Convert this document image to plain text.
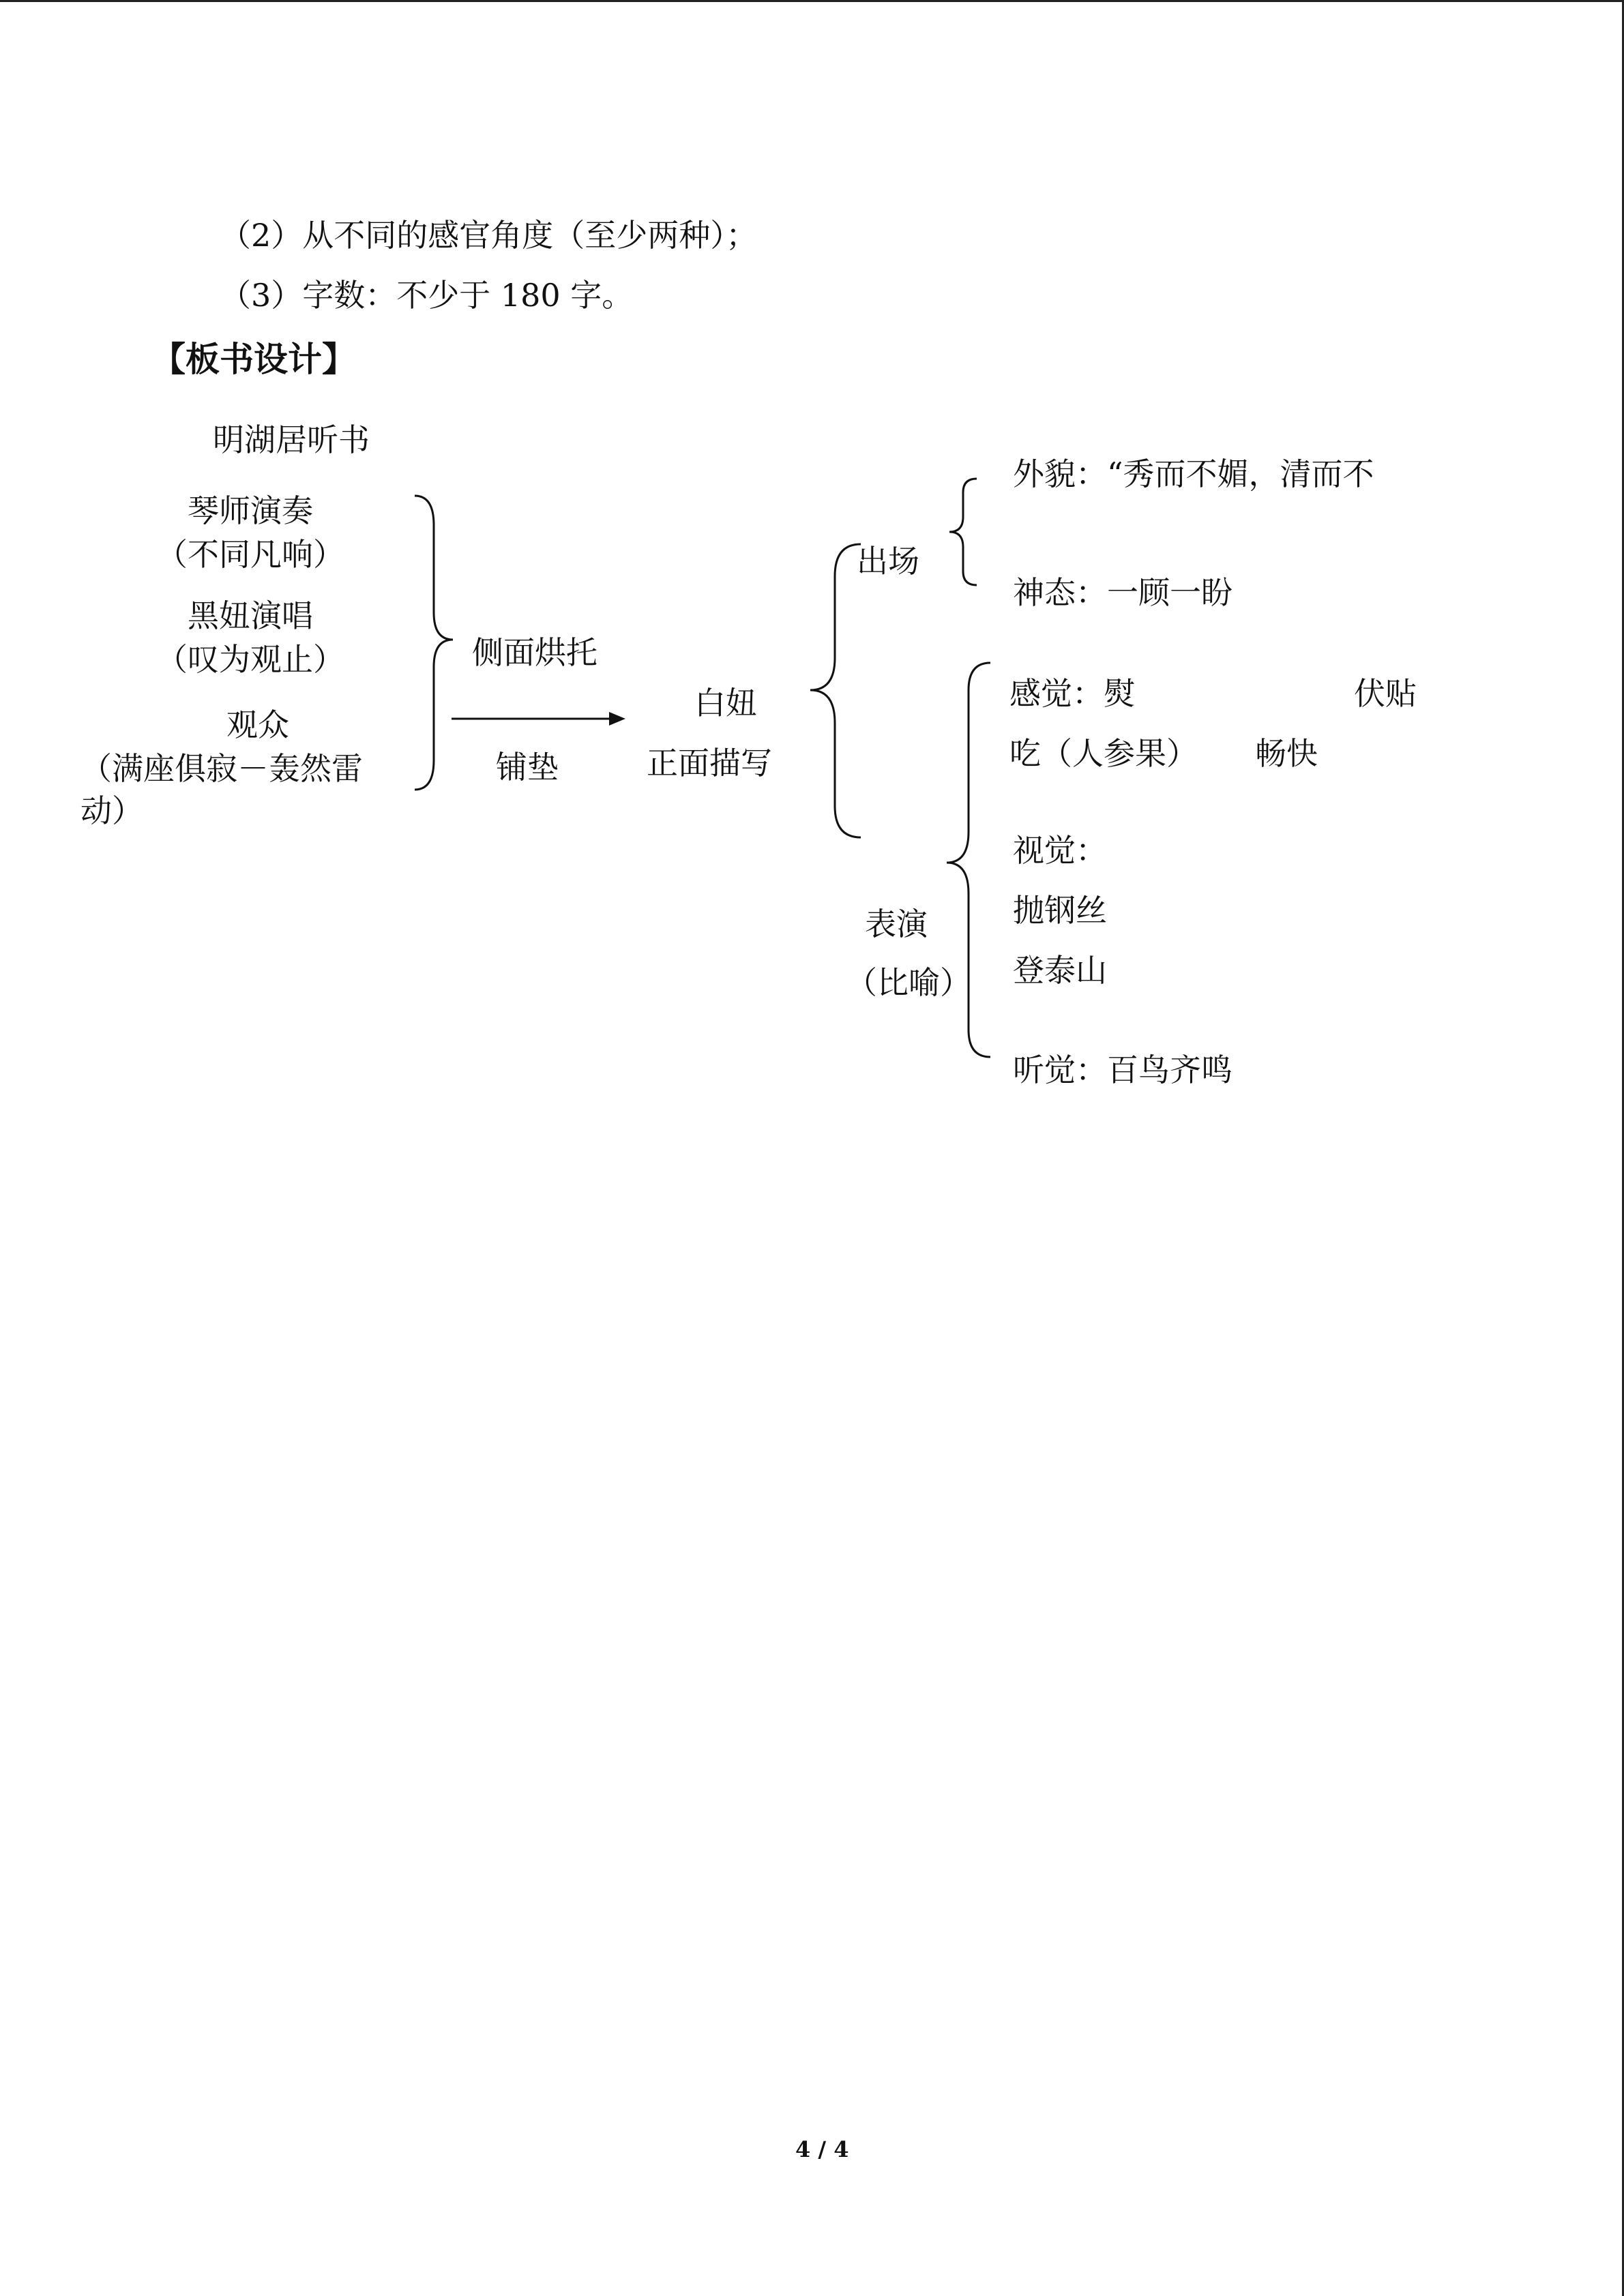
（2）从不同的感官角度（至少两种）；
（3）字数：不少于 180 字。
【板书设计】
明湖居听书
琴师演奏
（不同凡响）
黑妞演唱
（叹为观止）
观众
（满座俱寂－轰然雷
动）
侧面烘托
铺垫
白妞
正面描写
出场
表演
（比喻）
外貌：“秀而不媚，清而不
神态：一顾一盼
感觉：熨	伏贴
吃（人参果） 畅快
视觉：
抛钢丝
登泰山
听觉：百鸟齐鸣
4 / 4
